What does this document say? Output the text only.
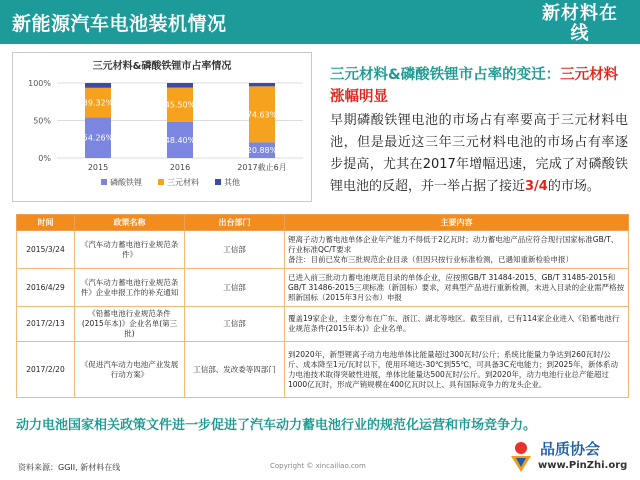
新能源汽车电池装机情况	新材料在线
xincailiao.com
0%
50%
100%
54.26%
39.32%
2015
48.40%
45.50%
2016
20.88%
74.63%
2017截止6月
磷酸铁锂	三元材料	其他
三元材料&磷酸铁锂市占率情况
三元材料&磷酸铁锂市占率的变迁：三元材料涨幅明显
早期磷酸铁锂电池的市场占有率要高于三元材料电池，但是最近这三年三元材料电池的市场占有率逐步提高，尤其在2017年增幅迅速，完成了对磷酸铁锂电池的反超，并一举占据了接近3/4的市场。
时间	政策名称	出台部门	主要内容
2015/3/24	《汽车动力蓄电池行业规范条件》	工信部	锂离子动力蓄电池单体企业年产能力不得低于2亿瓦时；动力蓄电池产品应符合现行国家标准GB/T、行业标准QC/T要求
备注：目前已发布三批规范企业目录（但因只按行业标准检测，已遇知重新检验申报）
2016/4/29	《汽车动力蓄电池行业规范条件》企业申报工作的补充通知	工信部	已进入前三批动力蓄电池规范目录的单体企业，应按照GB/T 31484-2015、GB/T 31485-2015和GB/T 31486-2015三项标准（新国标）要求，对典型产品进行重新检测，未进入目录的企业需严格按照新国标（2015年3月公布）申报
2017/2/13	《铅蓄电池行业规范条件(2015年本)》企业名单(第三批)	工信部	覆盖19家企业，主要分布在广东、浙江、湖北等地区。截至目前，已有114家企业进入《铅蓄电池行业规范条件(2015年本)》企业名单。
2017/2/20	《促进汽车动力电池产业发展行动方案》	工信部、发改委等四部门	到2020年，新型锂离子动力电池单体比能量超过300瓦时/公斤；系统比能量力争达到260瓦时/公斤、成本降至1元/瓦时以下，使用环境达-30℃到55℃，可具备3C充电能力；到2025年，新体系动力电池技术取得突破性进展，单体比能量达500瓦时/公斤。到2020年，动力电池行业总产能超过1000亿瓦时，形成产销规模在400亿瓦时以上、具有国际竞争力的龙头企业。
动力电池国家相关政策文件进一步促进了汽车动力蓄电池行业的规范化运营和市场竞争力。
资料来源：GGII, 新材料在线	Copyright © xincailiao.com
品质协会
www.PinZhi.org
